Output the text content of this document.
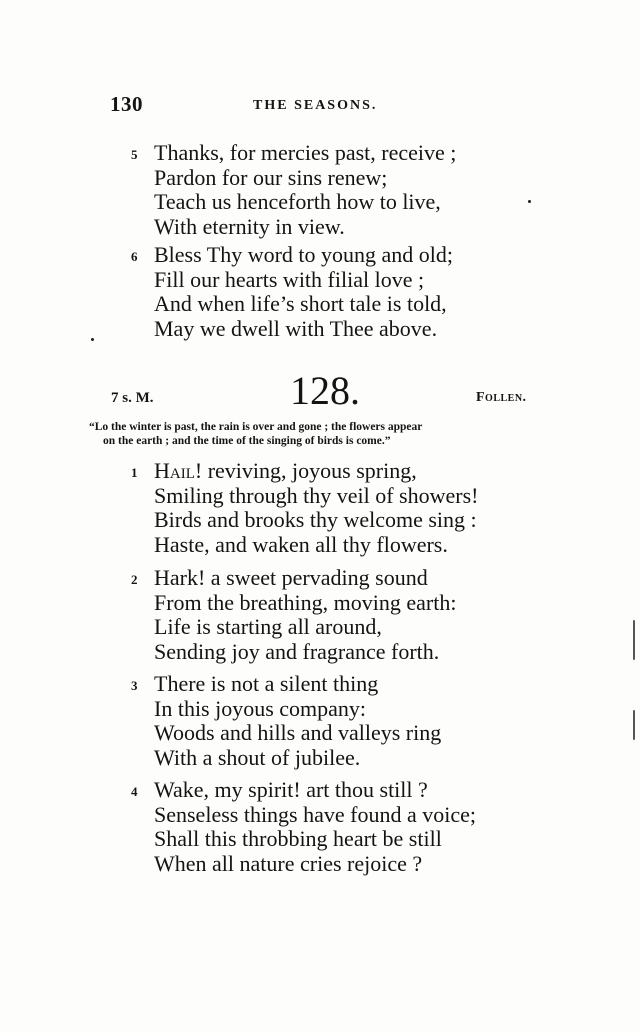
130	THE SEASONS.
5 Thanks, for mercies past, receive ;
Pardon for our sins renew;
Teach us henceforth how to live,
With eternity in view.
6 Bless Thy word to young and old;
Fill our hearts with filial love ;
And when life’s short tale is told,
May we dwell with Thee above.
7 s. M.	128.	Follen.
“Lo the winter is past, the rain is over and gone ; the flowers appear
on the earth ; and the time of the singing of birds is come.”
1 Hail! reviving, joyous spring,
Smiling through thy veil of showers!
Birds and brooks thy welcome sing :
Haste, and waken all thy flowers.
2 Hark! a sweet pervading sound
From the breathing, moving earth:
Life is starting all around,
Sending joy and fragrance forth.
3 There is not a silent thing
In this joyous company:
Woods and hills and valleys ring
With a shout of jubilee.
4 Wake, my spirit! art thou still ?
Senseless things have found a voice;
Shall this throbbing heart be still
When all nature cries rejoice ?
